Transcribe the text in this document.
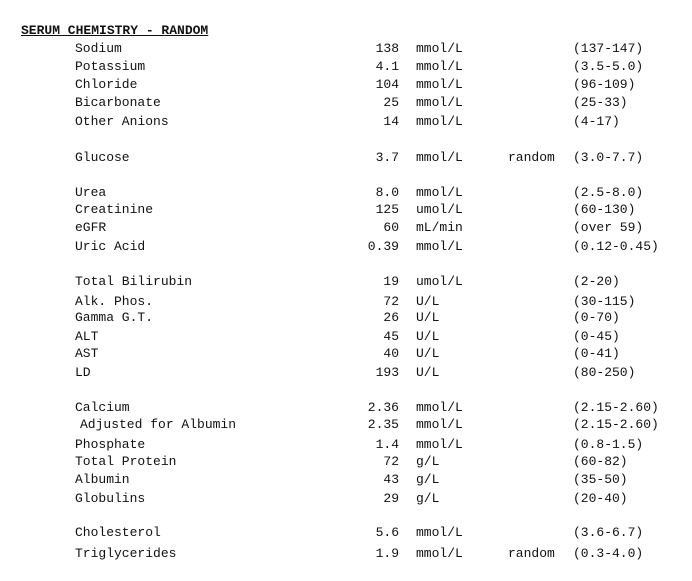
SERUM CHEMISTRY - RANDOM
Sodium	138 mmol/L	(137-147)
Potassium	4.1 mmol/L	(3.5-5.0)
Chloride	104 mmol/L	(96-109)
Bicarbonate	25 mmol/L	(25-33)
Other Anions	14 mmol/L	(4-17)
Glucose	3.7 mmol/L	random (3.0-7.7)
Urea	8.0 mmol/L	(2.5-8.0)
Creatinine	125 umol/L	(60-130)
eGFR	60 mL/min	(over 59)
Uric Acid	0.39 mmol/L	(0.12-0.45)
Total Bilirubin	19 umol/L	(2-20)
Alk. Phos.	72 U/L	(30-115)
Gamma G.T.	26 U/L	(0-70)
ALT	45 U/L	(0-45)
AST	40 U/L	(0-41)
LD	193 U/L	(80-250)
Calcium	2.36 mmol/L	(2.15-2.60)
Adjusted for Albumin	2.35 mmol/L	(2.15-2.60)
Phosphate	1.4 mmol/L	(0.8-1.5)
Total Protein	72 g/L	(60-82)
Albumin	43 g/L	(35-50)
Globulins	29 g/L	(20-40)
Cholesterol	5.6 mmol/L	(3.6-6.7)
Triglycerides	1.9 mmol/L	random (0.3-4.0)
